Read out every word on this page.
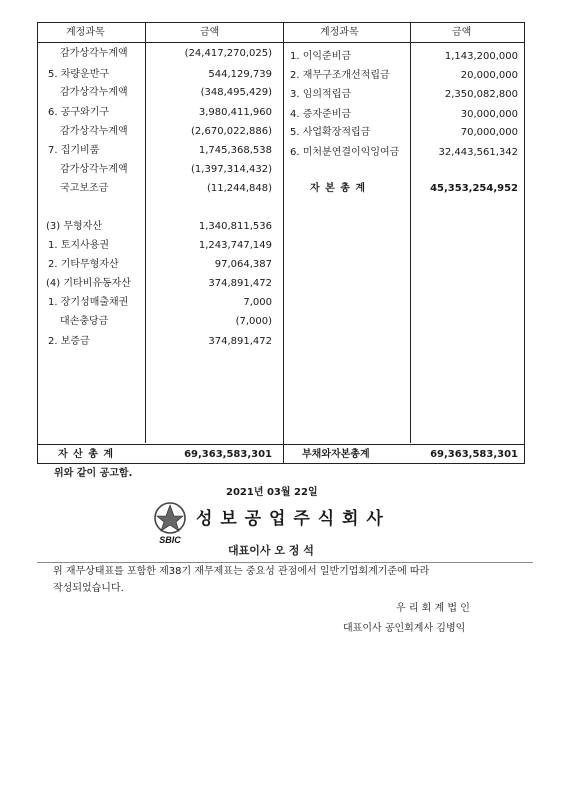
계정과목	금액	계정과목	금액
감가상각누계액	(24,417,270,025)
5. 차량운반구	544,129,739
감가상각누계액	(348,495,429)
6. 공구와기구	3,980,411,960
감가상각누계액	(2,670,022,886)
7. 집기비품	1,745,368,538
감가상각누계액	(1,397,314,432)
국고보조금	(11,244,848)
(3) 무형자산	1,340,811,536
1. 토지사용권	1,243,747,149
2. 기타무형자산	97,064,387
(4) 기타비유동자산	374,891,472
1. 장기성매출채권	7,000
대손충당금	(7,000)
2. 보증금	374,891,472
1. 이익준비금	1,143,200,000
2. 재무구조개선적립금	20,000,000
3. 임의적립금	2,350,082,800
4. 증자준비금	30,000,000
5. 사업확장적립금	70,000,000
6. 미처분연결이익잉여금	32,443,561,342
자 본 총 계	45,353,254,952
자 산 총 계	69,363,583,301	부채와자본총계	69,363,583,301
위와 같이 공고함.
2021년 03월 22일
SBIC
성 보 공 업 주 식 회 사
대표이사 오 정 석
위 재무상태표를 포함한 제38기 재무제표는 중요성 관점에서 일반기업회계기준에 따라
작성되었습니다.
우 리 회 계 법 인
대표이사 공인회계사 김병익
